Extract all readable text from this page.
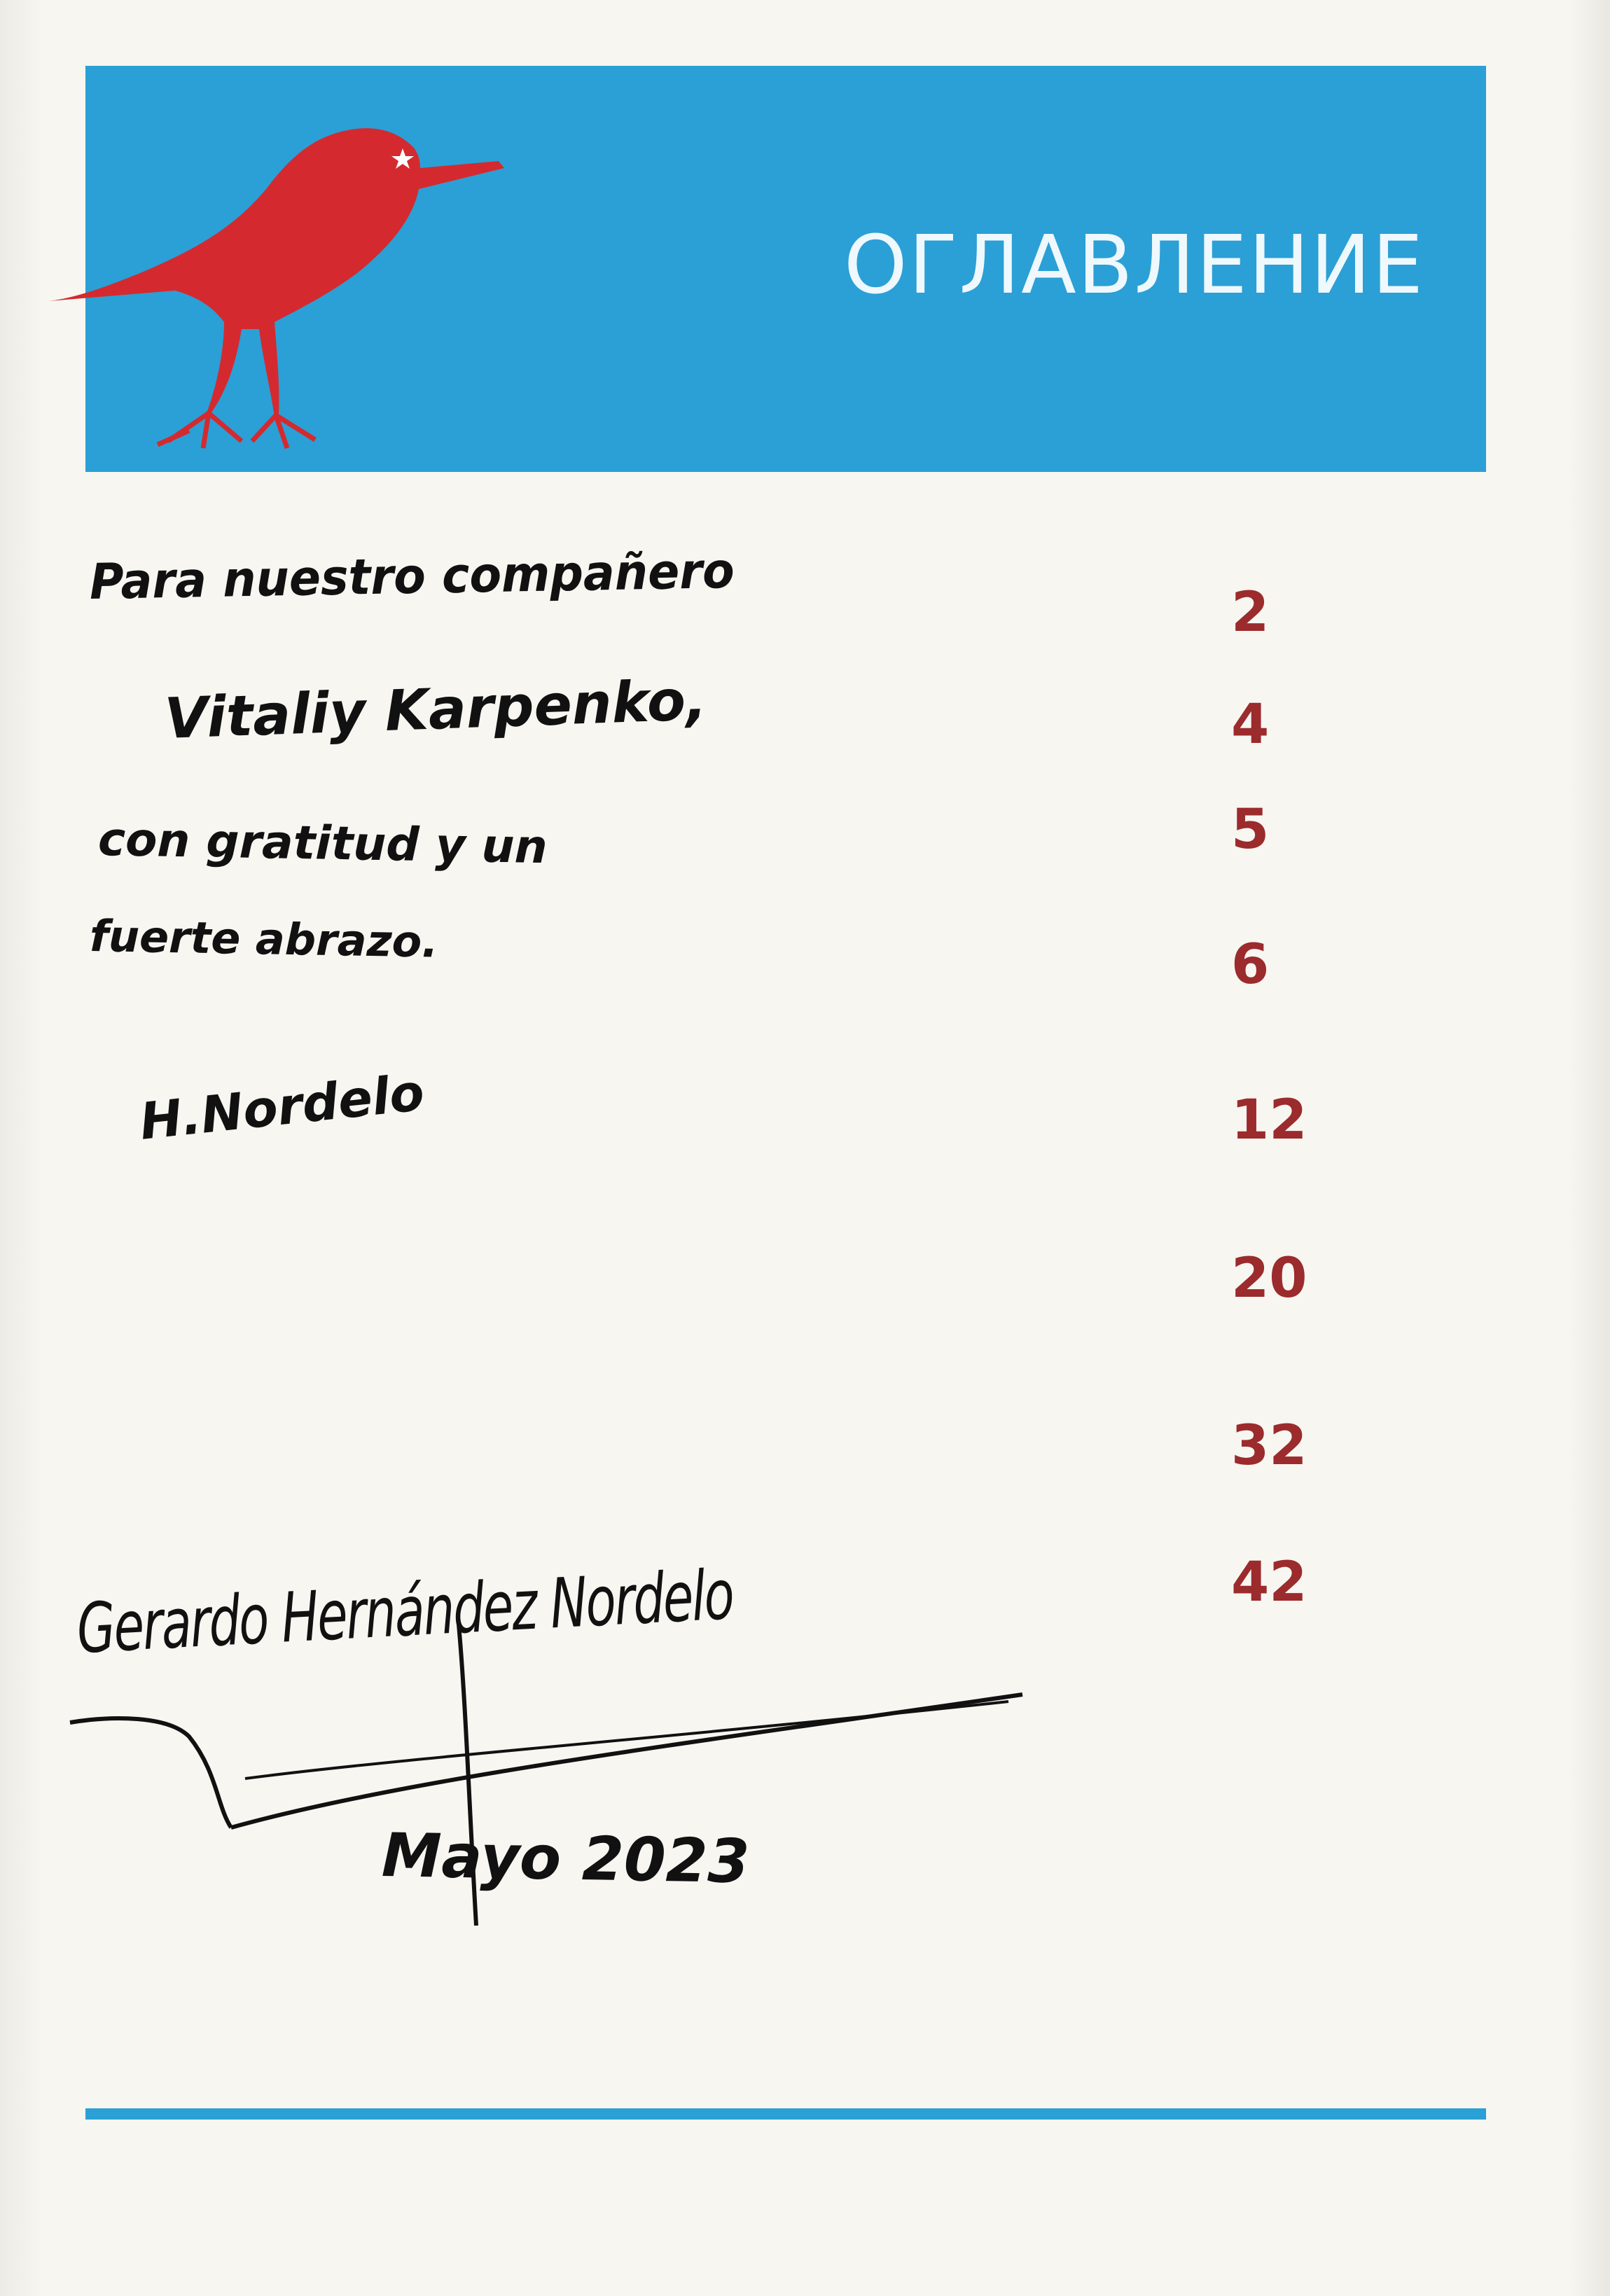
ОГЛАВЛЕНИЕ
2
4
5
6
12
20
32
42
Para nuestro compañero
Vitaliy Karpenko,
con gratitud y un
fuerte abrazo.
H.Nordelo
Gerardo Hernández Nordelo
Mayo 2023
